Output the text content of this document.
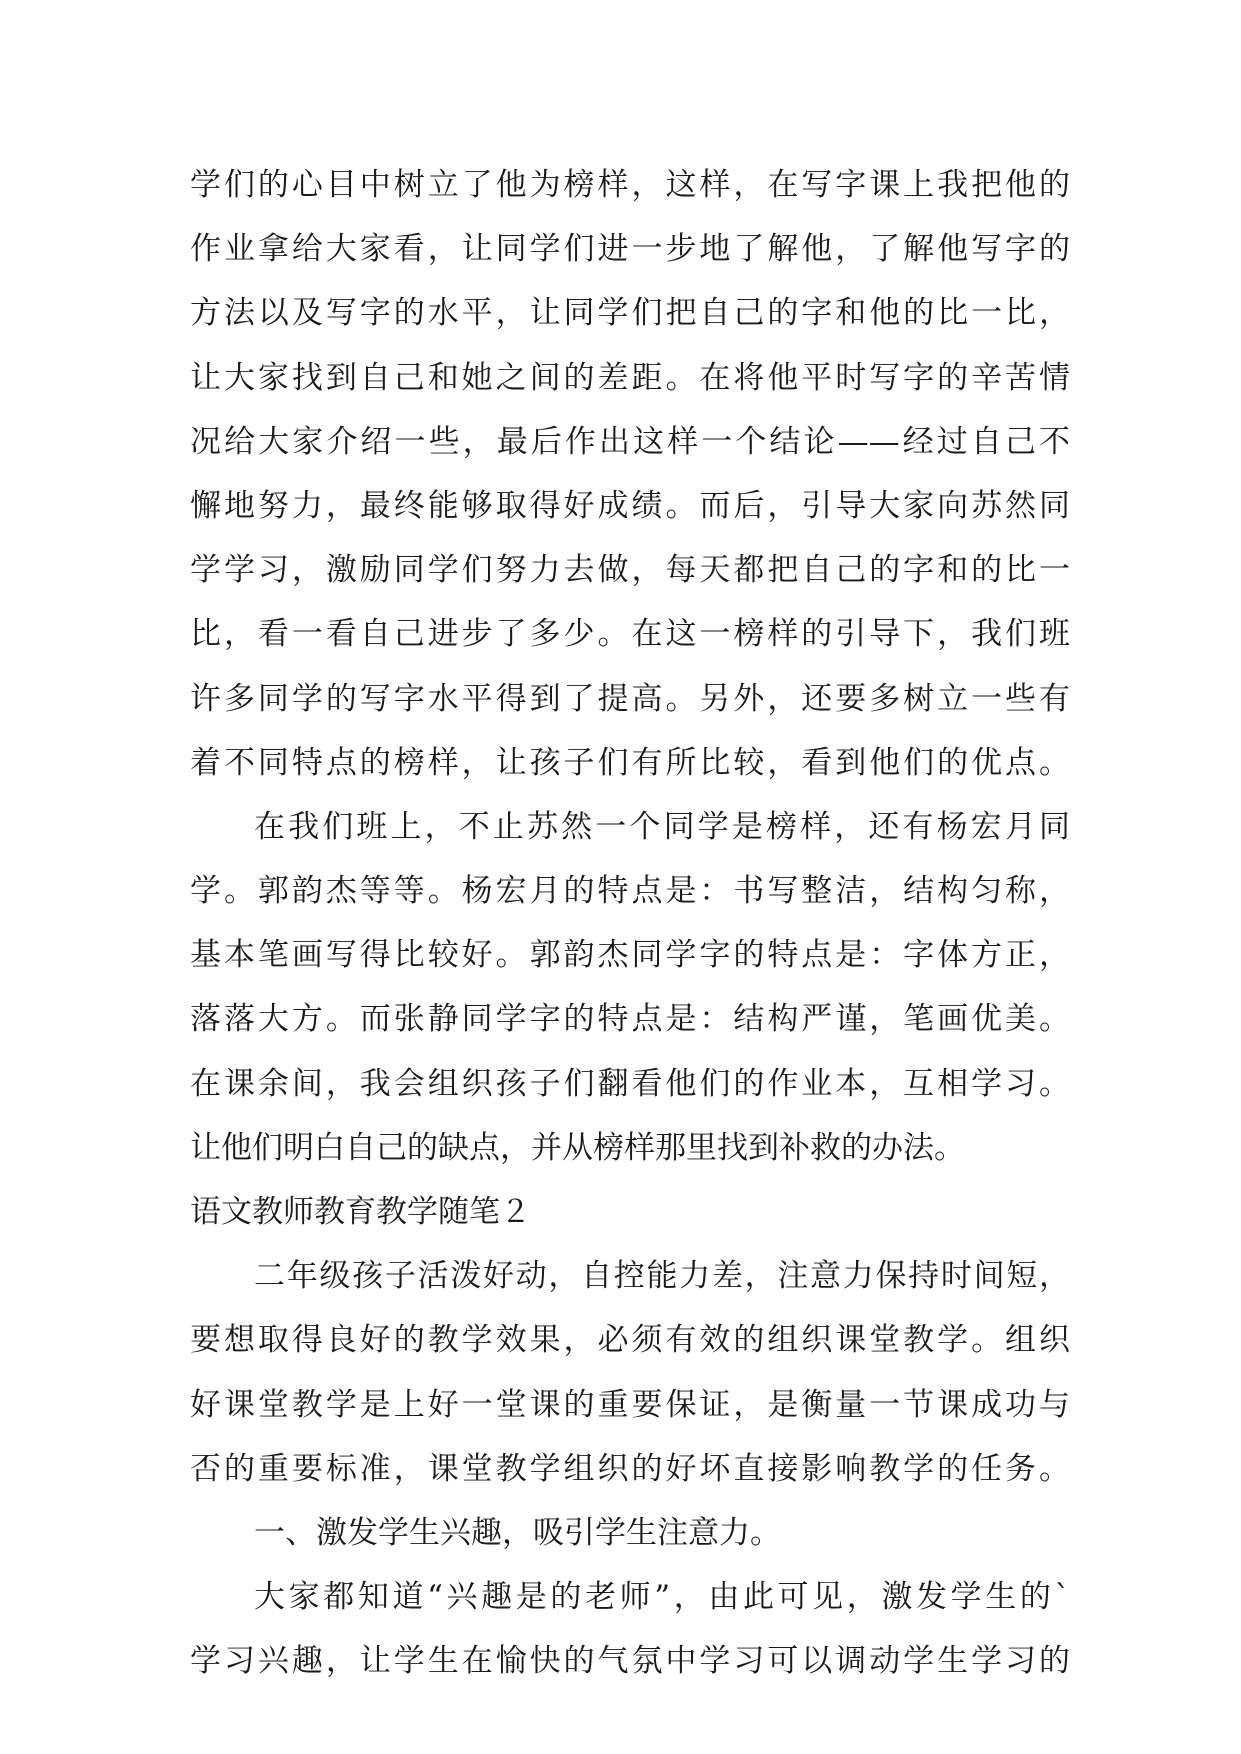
学们的心目中树立了他为榜样，这样，在写字课上我把他的
作业拿给大家看，让同学们进一步地了解他，了解他写字的
方法以及写字的水平，让同学们把自己的字和他的比一比，
让大家找到自己和她之间的差距。在将他平时写字的辛苦情
况给大家介绍一些，最后作出这样一个结论——经过自己不
懈地努力，最终能够取得好成绩。而后，引导大家向苏然同
学学习，激励同学们努力去做，每天都把自己的字和的比一
比，看一看自己进步了多少。在这一榜样的引导下，我们班
许多同学的写字水平得到了提高。另外，还要多树立一些有
着不同特点的榜样，让孩子们有所比较，看到他们的优点。
在我们班上，不止苏然一个同学是榜样，还有杨宏月同
学。郭韵杰等等。杨宏月的特点是：书写整洁，结构匀称，
基本笔画写得比较好。郭韵杰同学字的特点是：字体方正，
落落大方。而张静同学字的特点是：结构严谨，笔画优美。
在课余间，我会组织孩子们翻看他们的作业本，互相学习。
让他们明白自己的缺点，并从榜样那里找到补救的办法。
语文教师教育教学随笔２
二年级孩子活泼好动，自控能力差，注意力保持时间短，
要想取得良好的教学效果，必须有效的组织课堂教学。组织
好课堂教学是上好一堂课的重要保证，是衡量一节课成功与
否的重要标准，课堂教学组织的好坏直接影响教学的任务。
一、激发学生兴趣，吸引学生注意力。
大家都知道“兴趣是的老师”，由此可见，激发学生的`
学习兴趣，让学生在愉快的气氛中学习可以调动学生学习的
